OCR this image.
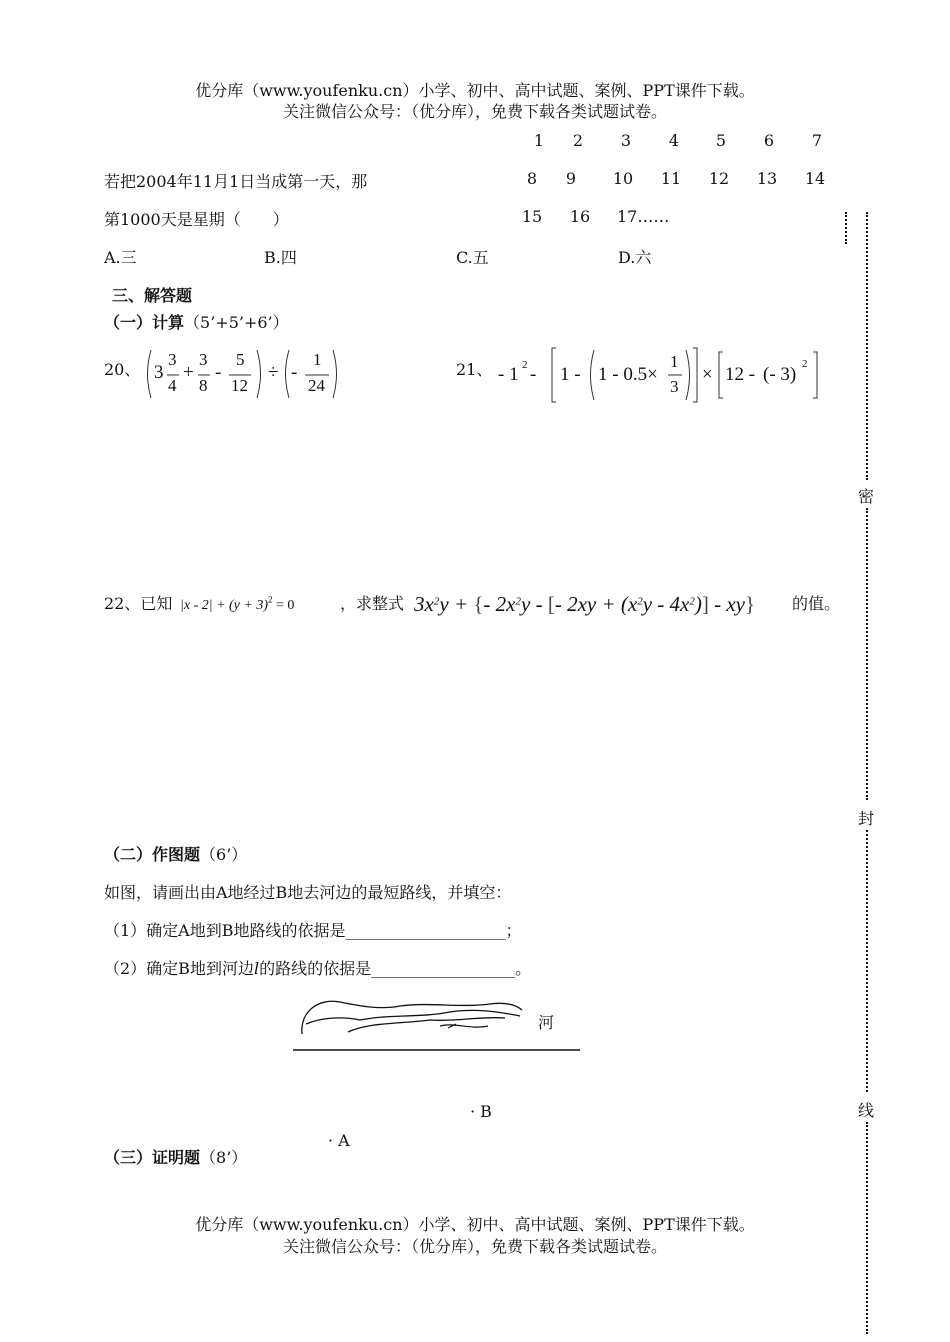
优分库（www.youfenku.cn）小学、初中、高中试题、案例、PPT课件下载。
关注微信公众号：（优分库），免费下载各类试题试卷。
1	2	3	4	5	6	7
8	9	10	11	12	13	14
15	16	17……
若把2004年11月1日当成第一天，那
第1000天是星期（　　）
A.三	B.四	C.五	D.六
三、解答题
（一）计算（5’+5’+6’）
20、 3
3
4
+
3
8
-
5
12
÷ -
1
24
21、 - 1 2 - 1 - 1 - 0.5×
1
3
× 12 - (- 3) 2
22、已知 $|x - 2| + (y + 3)^2 = 0$	，求整式 $3x^2y$ + {- $2x^2y$ - [- $2xy + (x^2y - 4x^2)] - xy$} 的值。
（二）作图题（6’）
如图，请画出由A地经过B地去河边的最短路线，并填空：
（1）确定A地到B地路线的依据是____________________；
（2）确定B地到河边l的路线的依据是__________________。
河
· B
· A
（三）证明题（8’）
优分库（www.youfenku.cn）小学、初中、高中试题、案例、PPT课件下载。
关注微信公众号：（优分库），免费下载各类试题试卷。
密
封
线
